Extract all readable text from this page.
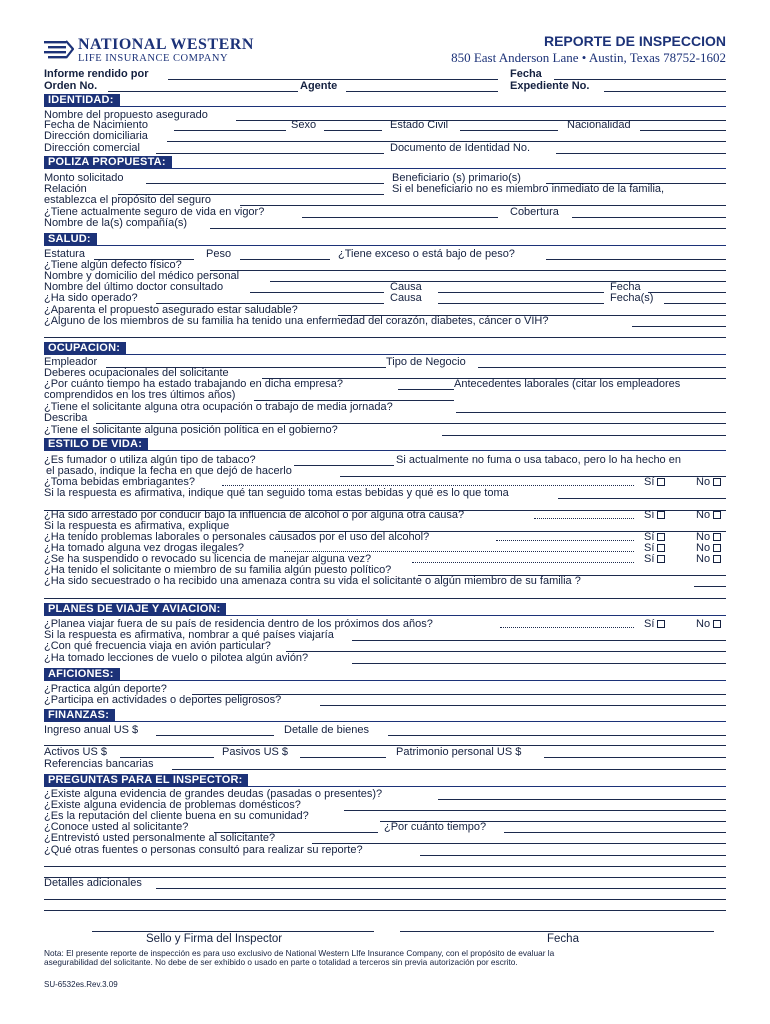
NATIONAL WESTERN
LIFE INSURANCE COMPANY
REPORTE DE INSPECCION
850 East Anderson Lane • Austin, Texas 78752-1602
Informe rendido por	Fecha
Orden No.	Agente	Expediente No.
IDENTIDAD:
Nombre del propuesto asegurado
Fecha de Nacimiento	Sexo	Estado Civil	Nacionalidad
Dirección domiciliaria
Dirección comercial	Documento de Identidad No.
POLIZA PROPUESTA:
Monto solicitado	Beneficiario (s) primario(s)
Relación	Si el beneficiario no es miembro inmediato de la familia,
establezca el propósito del seguro
¿Tiene actualmente seguro de vida en vigor?	Cobertura
Nombre de la(s) compañía(s)
SALUD:
Estatura	Peso	¿Tiene exceso o está bajo de peso?
¿Tiene algún defecto físico?
Nombre y domicilio del médico personal
Nombre del último doctor consultado	Causa	Fecha
¿Ha sido operado?	Causa	Fecha(s)
¿Aparenta el propuesto asegurado estar saludable?
¿Alguno de los miembros de su familia ha tenido una enfermedad del corazón, diabetes, cáncer o VIH?
OCUPACION:
Empleador	Tipo de Negocio
Deberes ocupacionales del solicitante
¿Por cuánto tiempo ha estado trabajando en dicha empresa?	Antecedentes laborales (citar los empleadores
comprendidos en los tres últimos años)
¿Tiene el solicitante alguna otra ocupación o trabajo de media jornada?
Describa
¿Tiene el solicitante alguna posición política en el gobierno?
ESTILO DE VIDA:
¿Es fumador o utiliza algún tipo de tabaco?	Si actualmente no fuma o usa tabaco, pero lo ha hecho en
el pasado, indique la fecha en que dejó de hacerlo
¿Toma bebidas embriagantes?	Sí	No
Si la respuesta es afirmativa, indique qué tan seguido toma estas bebidas y qué es lo que toma
¿Ha sido arrestado por conducir bajo la influencia de alcohol o por alguna otra causa?	Sí	No
Si la respuesta es afirmativa, explique
¿Ha tenido problemas laborales o personales causados por el uso del alcohol?	Sí	No
¿Ha tomado alguna vez drogas ilegales?	Sí	No
¿Se ha suspendido o revocado su licencia de manejar alguna vez?	Sí	No
¿Ha tenido el solicitante o miembro de su familia algún puesto político?
¿Ha sido secuestrado o ha recibido una amenaza contra su vida el solicitante o algún miembro de su familia ?
PLANES DE VIAJE Y AVIACION:
¿Planea viajar fuera de su país de residencia dentro de los próximos dos años?	Sí	No
Si la respuesta es afirmativa, nombrar a qué países viajaría
¿Con qué frecuencia viaja en avión particular?
¿Ha tomado lecciones de vuelo o pilotea algún avión?
AFICIONES:
¿Practica algún deporte?
¿Participa en actividades o deportes peligrosos?
FINANZAS:
Ingreso anual US $	Detalle de bienes
Activos US $	Pasivos US $	Patrimonio personal US $
Referencias bancarias
PREGUNTAS PARA EL INSPECTOR:
¿Existe alguna evidencia de grandes deudas (pasadas o presentes)?
¿Existe alguna evidencia de problemas domésticos?
¿Es la reputación del cliente buena en su comunidad?
¿Conoce usted al solicitante?	¿Por cuánto tiempo?
¿Entrevistó usted personalmente al solicitante?
¿Qué otras fuentes o personas consultó para realizar su reporte?
Detalles adicionales
Sello y Firma del Inspector	Fecha
Nota: El presente reporte de inspección es para uso exclusivo de National Western LIfe Insurance Company, con el propósito de evaluar la
asegurabilidad del solicitante. No debe de ser exhibido o usado en parte o totalidad a terceros sin previa autorización por escrito.
SU-6532es.Rev.3.09
